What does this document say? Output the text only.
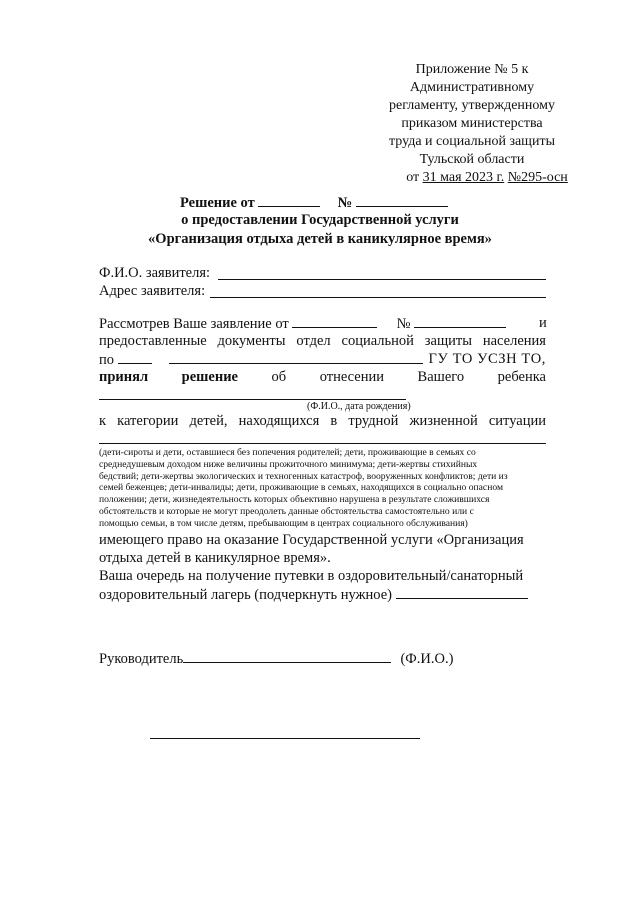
Приложение № 5 к
Административному
регламенту, утвержденному
приказом министерства
труда и социальной защиты
Тульской области
от 31 мая 2023 г. №295-осн
Решение от	№
о предоставлении Государственной услуги
«Организация отдыха детей в каникулярное время»
Ф.И.О. заявителя:
Адрес заявителя:
Рассмотрев Ваше заявление от	№	и
предоставленные документы отдел социальной защиты населения
по	ГУ ТО УСЗН ТО,
принял решение об отнесении Вашего ребенка
(Ф.И.О., дата рождения)
к категории детей, находящихся в трудной жизненной ситуации
(дети-сироты и дети, оставшиеся без попечения родителей; дети, проживающие в семьях со
среднедушевым доходом ниже величины прожиточного минимума; дети-жертвы стихийных
бедствий; дети-жертвы экологических и техногенных катастроф, вооруженных конфликтов; дети из
семей беженцев; дети-инвалиды; дети, проживающие в семьях, находящихся в социально опасном
положении; дети, жизнедеятельность которых объективно нарушена в результате сложившихся
обстоятельств и которые не могут преодолеть данные обстоятельства самостоятельно или с
помощью семьи, в том числе детям, пребывающим в центрах социального обслуживания)
имеющего право на оказание Государственной услуги «Организация
отдыха детей в каникулярное время».
Ваша очередь на получение путевки в оздоровительный/санаторный
оздоровительный лагерь (подчеркнуть нужное)
Руководитель	(Ф.И.О.)
